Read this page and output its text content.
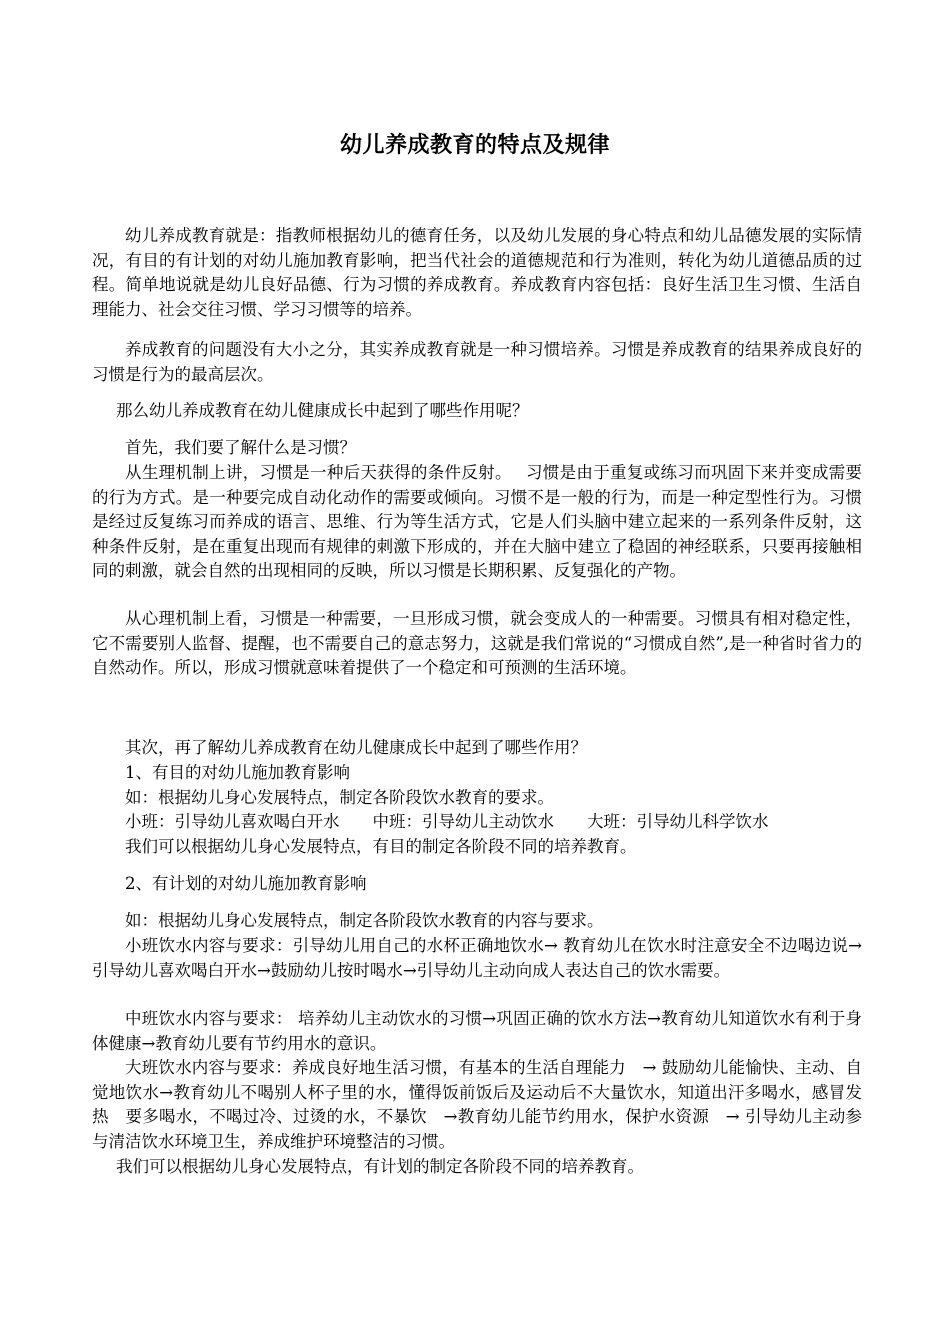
幼儿养成教育的特点及规律

幼儿养成教育就是：指教师根据幼儿的德育任务，以及幼儿发展的身心特点和幼儿品德发展的实际情况，有目的有计划的对幼儿施加教育影响，把当代社会的道德规范和行为准则，转化为幼儿道德品质的过程。简单地说就是幼儿良好品德、行为习惯的养成教育。养成教育内容包括：良好生活卫生习惯、生活自理能力、社会交往习惯、学习习惯等的培养。

养成教育的问题没有大小之分，其实养成教育就是一种习惯培养。习惯是养成教育的结果养成良好的习惯是行为的最高层次。

那么幼儿养成教育在幼儿健康成长中起到了哪些作用呢？

首先，我们要了解什么是习惯？

从生理机制上讲，习惯是一种后天获得的条件反射。　 习惯是由于重复或练习而巩固下来并变成需要的行为方式。是一种要完成自动化动作的需要或倾向。习惯不是一般的行为，而是一种定型性行为。习惯是经过反复练习而养成的语言、思维、行为等生活方式，它是人们头脑中建立起来的一系列条件反射，这种条件反射，是在重复出现而有规律的刺激下形成的，并在大脑中建立了稳固的神经联系，只要再接触相同的刺激，就会自然的出现相同的反映，所以习惯是长期积累、反复强化的产物。

从心理机制上看，习惯是一种需要，一旦形成习惯，就会变成人的一种需要。习惯具有相对稳定性，它不需要别人监督、提醒，也不需要自己的意志努力，这就是我们常说的“习惯成自然”,是一种省时省力的自然动作。所以，形成习惯就意味着提供了一个稳定和可预测的生活环境。

其次，再了解幼儿养成教育在幼儿健康成长中起到了哪些作用？

1、有目的对幼儿施加教育影响

如：根据幼儿身心发展特点，制定各阶段饮水教育的要求。

小班：引导幼儿喜欢喝白开水　　中班：引导幼儿主动饮水　　大班：引导幼儿科学饮水

我们可以根据幼儿身心发展特点，有目的制定各阶段不同的培养教育。

2、有计划的对幼儿施加教育影响

如：根据幼儿身心发展特点，制定各阶段饮水教育的内容与要求。

小班饮水内容与要求：引导幼儿用自己的水杯正确地饮水→ 教育幼儿在饮水时注意安全不边喝边说→引导幼儿喜欢喝白开水→鼓励幼儿按时喝水→引导幼儿主动向成人表达自己的饮水需要。

中班饮水内容与要求： 培养幼儿主动饮水的习惯→巩固正确的饮水方法→教育幼儿知道饮水有利于身体健康→教育幼儿要有节约用水的意识。

大班饮水内容与要求：养成良好地生活习惯，有基本的生活自理能力　→ 鼓励幼儿能愉快、主动、自觉地饮水→教育幼儿不喝别人杯子里的水，懂得饭前饭后及运动后不大量饮水，知道出汗多喝水，感冒发热　要多喝水，不喝过冷、过烫的水，不暴饮　→教育幼儿能节约用水，保护水资源　→ 引导幼儿主动参与清洁饮水环境卫生，养成维护环境整洁的习惯。

我们可以根据幼儿身心发展特点，有计划的制定各阶段不同的培养教育。
